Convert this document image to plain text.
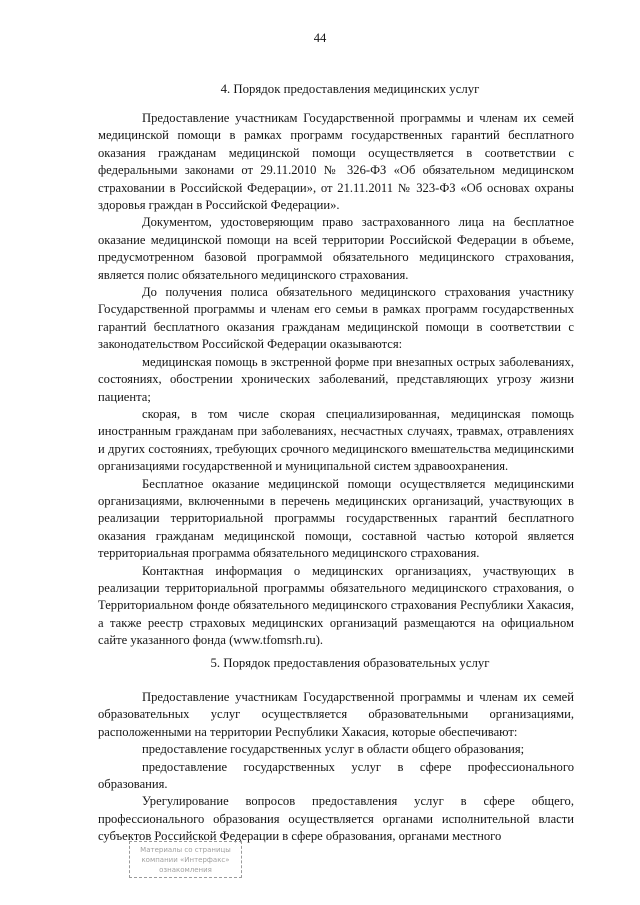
44
4. Порядок предоставления медицинских услуг

Предоставление участникам Государственной программы и членам их семей медицинской помощи в рамках программ государственных гарантий бесплатного оказания гражданам медицинской помощи осуществляется в соответствии с федеральными законами от 29.11.2010 № 326-ФЗ «Об обязательном медицинском страховании в Российской Федерации», от 21.11.2011 № 323-ФЗ «Об основах охраны здоровья граждан в Российской Федерации».

Документом, удостоверяющим право застрахованного лица на бесплатное оказание медицинской помощи на всей территории Российской Федерации в объеме, предусмотренном базовой программой обязательного медицинского страхования, является полис обязательного медицинского страхования.

До получения полиса обязательного медицинского страхования участнику Государственной программы и членам его семьи в рамках программ государственных гарантий бесплатного оказания гражданам медицинской помощи в соответствии с законодательством Российской Федерации оказываются:

медицинская помощь в экстренной форме при внезапных острых заболеваниях, состояниях, обострении хронических заболеваний, представляющих угрозу жизни пациента;

скорая, в том числе скорая специализированная, медицинская помощь иностранным гражданам при заболеваниях, несчастных случаях, травмах, отравлениях и других состояниях, требующих срочного медицинского вмешательства медицинскими организациями государственной и муниципальной систем здравоохранения.

Бесплатное оказание медицинской помощи осуществляется медицинскими организациями, включенными в перечень медицинских организаций, участвующих в реализации территориальной программы государственных гарантий бесплатного оказания гражданам медицинской помощи, составной частью которой является территориальная программа обязательного медицинского страхования.

Контактная информация о медицинских организациях, участвующих в реализации территориальной программы обязательного медицинского страхования, о Территориальном фонде обязательного медицинского страхования Республики Хакасия, а также реестр страховых медицинских организаций размещаются на официальном сайте указанного фонда (www.tfomsrh.ru).

5. Порядок предоставления образовательных услуг

Предоставление участникам Государственной программы и членам их семей образовательных услуг осуществляется образовательными организациями, расположенными на территории Республики Хакасия, которые обеспечивают:

предоставление государственных услуг в области общего образования;

предоставление государственных услуг в сфере профессионального образования.

Урегулирование вопросов предоставления услуг в сфере общего, профессионального образования осуществляется органами исполнительной власти субъектов Российской Федерации в сфере образования, органами местного

Материалы со страницы
компании «Интерфакс»
ознакомления
